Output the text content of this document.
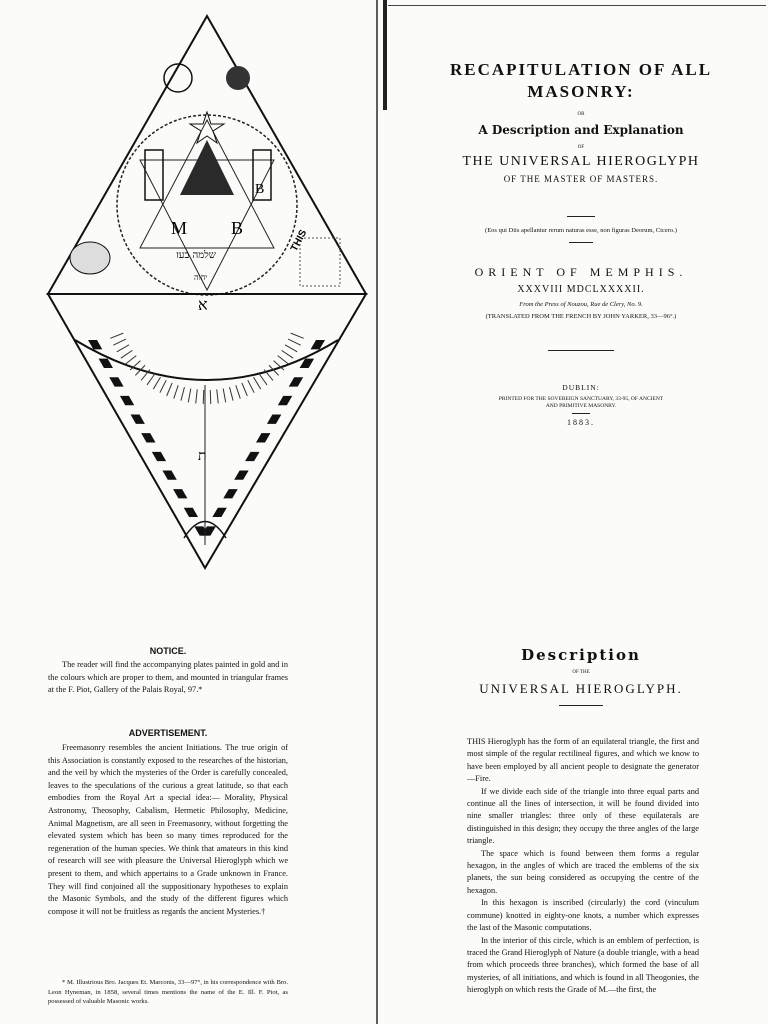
M B
B
שלמה בעז
יהוה
THIS
א
ת
NOTICE.

The reader will find the accompanying plates painted in gold and in the colours which are proper to them, and mounted in triangular frames at the F. Piot, Gallery of the Palais Royal, 97.*

ADVERTISEMENT.

Freemasonry resembles the ancient Initiations. The true origin of this Association is constantly exposed to the researches of the historian, and the veil by which the mysteries of the Order is carefully concealed, leaves to the speculations of the curious a great latitude, so that each embodies from the Royal Art a special idea:— Morality, Physical Astronomy, Theosophy, Cabalism, Hermetic Philosophy, Medicine, Animal Magnetism, are all seen in Freemasonry, without forgetting the elevated system which has been so many times reproduced for the regeneration of the human species. We think that amateurs in this kind of research will see with pleasure the Universal Hieroglyph which we present to them, and which appertains to a Grade unknown in France. They will find conjoined all the suppositionary hypotheses to explain the Masonic Symbols, and the study of the different figures which compose it will not be fruitless as regards the ancient Mysteries.†

* M. Illustrious Bro. Jacques Et. Marconis, 33—97°, in his correspondence with Bro. Leon Hyneman, in 1858, several times mentions the name of the E. Ill. F. Piot, as possessed of valuable Masonic works.

RECAPITULATION OF ALL
MASONRY:
OR
A Description and Explanation
OF
THE UNIVERSAL HIEROGLYPH
OF THE MASTER OF MASTERS.
(Eos qui Diis apellantur rerum naturas esse, non figuras Deorum, Cicero.)
ORIENT OF MEMPHIS.
XXXVIII MDCLXXXXII.
From the Press of Nouzou, Rue de Clery, No. 9.
(TRANSLATED FROM THE FRENCH BY JOHN YARKER, 33—96°.)
DUBLIN:
PRINTED FOR THE SOVEREIGN SANCTUARY, 33-95, OF ANCIENT
AND PRIMITIVE MASONRY.
1883.
Description
OF THE
UNIVERSAL HIEROGLYPH.

THIS Hieroglyph has the form of an equilateral triangle, the first and most simple of the regular rectilineal figures, and which we know to have been employed by all ancient people to designate the generator—Fire.

If we divide each side of the triangle into three equal parts and continue all the lines of intersection, it will be found divided into nine smaller triangles: three only of these equilaterals are distinguished in this design; they occupy the three angles of the large triangle.

The space which is found between them forms a regular hexagon, in the angles of which are traced the emblems of the six planets, the sun being considered as occupying the centre of the hexagon.

In this hexagon is inscribed (circularly) the cord (vinculum commune) knotted in eighty-one knots, a number which expresses the last of the Masonic computations.

In the interior of this circle, which is an emblem of perfection, is traced the Grand Hieroglyph of Nature (a double triangle, with a head from which proceeds three branches), which formed the base of all mysteries, of all initiations, and which is found in all Theogonies, the hieroglyph on which rests the Grade of M.—the first, the
